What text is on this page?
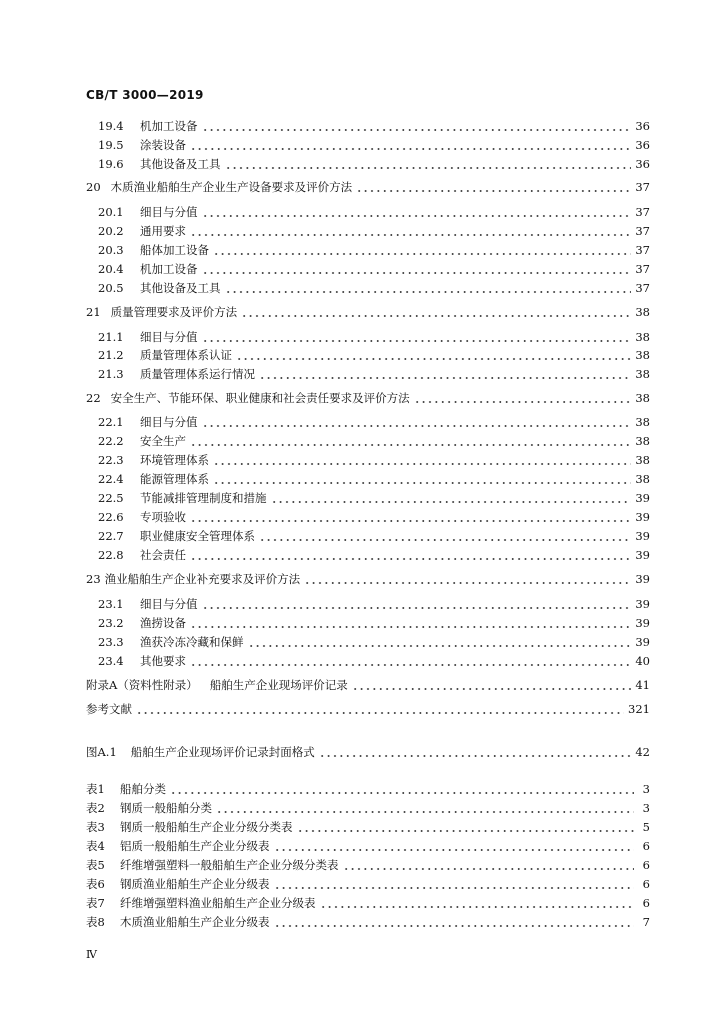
CB/T 3000—2019
19.4	机加工设备	36
19.5	涂装设备	36
19.6	其他设备及工具	36
20 木质渔业船舶生产企业生产设备要求及评价方法	37
20.1	细目与分值	37
20.2	通用要求	37
20.3	船体加工设备	37
20.4	机加工设备	37
20.5	其他设备及工具	37
21 质量管理要求及评价方法	38
21.1	细目与分值	38
21.2	质量管理体系认证	38
21.3	质量管理体系运行情况	38
22 安全生产、节能环保、职业健康和社会责任要求及评价方法	38
22.1	细目与分值	38
22.2	安全生产	38
22.3	环境管理体系	38
22.4	能源管理体系	38
22.5	节能减排管理制度和措施	39
22.6	专项验收	39
22.7	职业健康安全管理体系	39
22.8	社会责任	39
23 渔业船舶生产企业补充要求及评价方法	39
23.1	细目与分值	39
23.2	渔捞设备	39
23.3	渔获冷冻冷藏和保鲜	39
23.4	其他要求	40
附录A（资料性附录） 船舶生产企业现场评价记录	41
参考文献	321
图A.1 船舶生产企业现场评价记录封面格式	42
表1	船舶分类	3
表2	钢质一般船舶分类	3
表3	钢质一般船舶生产企业分级分类表	5
表4	铝质一般船舶生产企业分级表	6
表5	纤维增强塑料一般船舶生产企业分级分类表	6
表6	钢质渔业船舶生产企业分级表	6
表7	纤维增强塑料渔业船舶生产企业分级表	6
表8	木质渔业船舶生产企业分级表	7
Ⅳ
